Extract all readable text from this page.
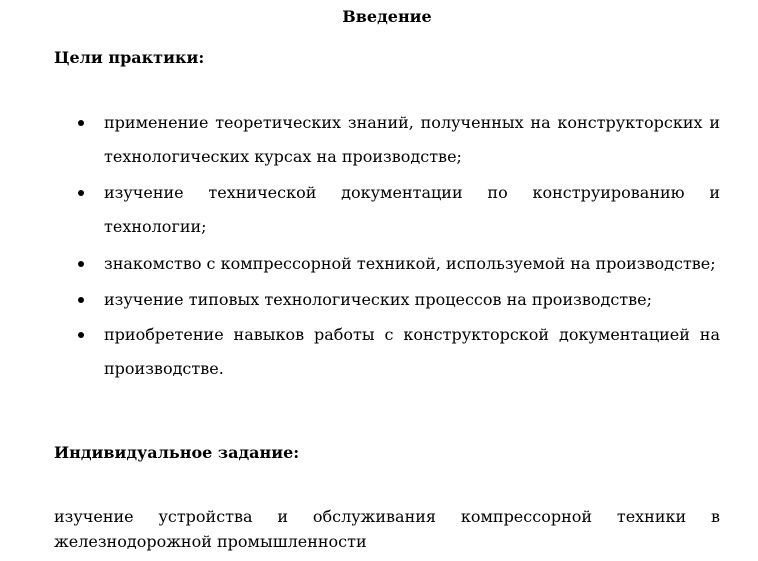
Введение
Цели практики:
применение теоретических знаний, полученных на конструкторских и технологических курсах на производстве;
изучение технической документации по конструированию и технологии;
знакомство с компрессорной техникой, используемой на производстве;
изучение типовых технологических процессов на производстве;
приобретение навыков работы с конструкторской документацией на производстве.
Индивидуальное задание:
изучение устройства и обслуживания компрессорной техники в железнодорожной промышленности
